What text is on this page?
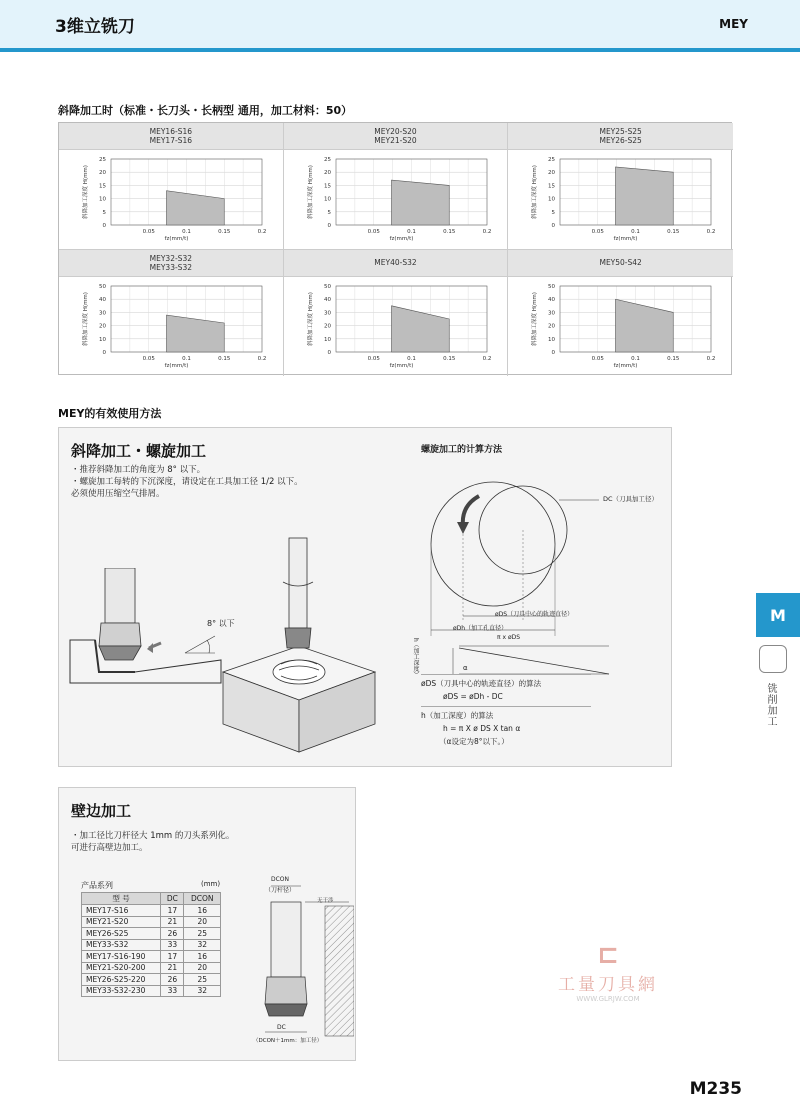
3维立铣刀	MEY
斜降加工时（标准・长刀头・长柄型 通用，加工材料：50）
MEY16-S16
MEY17-S16
25
20
15
10
5
0
0.05	0.1	0.15	0.2
fz(mm/t)
斜降加工深度 H(mm)
MEY20-S20
MEY21-S20
25
20
15
10
5
0
0.05	0.1	0.15	0.2
fz(mm/t)
斜降加工深度 H(mm)
MEY25-S25
MEY26-S25
25
20
15
10
5
0
0.05	0.1	0.15	0.2
fz(mm/t)
斜降加工深度 H(mm)
MEY32-S32
MEY33-S32
50
40
30
20
10
0
0.05	0.1	0.15	0.2
fz(mm/t)
斜降加工深度 H(mm)
MEY40-S32
50
40
30
20
10
0
0.05	0.1	0.15	0.2
fz(mm/t)
斜降加工深度 H(mm)
MEY50-S42
50
40
30
20
10
0
0.05	0.1	0.15	0.2
fz(mm/t)
斜降加工深度 H(mm)
MEY的有效使用方法
斜降加工・螺旋加工
・推荐斜降加工的角度为 8° 以下。
・螺旋加工每转的下沉深度，请设定在工具加工径 1/2 以下。
必须使用压缩空气排屑。
8° 以下
螺旋加工的计算方法
DC（刀具加工径）
øDS（刀具中心的轨迹直径）
øDh（加工孔直径）
π x øDS
h（加工深度）	α
øDS（刀具中心的轨迹直径）的算法
øDS = øDh - DC
h（加工深度）的算法
h = π X ø DS X tan α
（α设定为8°以下。）
壁边加工
・加工径比刀杆径大 1mm 的刀头系列化。
可进行高壁边加工。
产品系列	(mm)
型 号	DC	DCON
MEY17-S16	17	16
MEY21-S20	21	20
MEY26-S25	26	25
MEY33-S32	33	32
MEY17-S16-190	17	16
MEY21-S20-200	21	20
MEY26-S25-220	26	25
MEY33-S32-230	33	32
DCON
（刀杆径）
无干涉
DC
（DCON＋1mm：加工径）
M
铣削加工
⊏
工量刀具網
WWW.GLRJW.COM
M235
